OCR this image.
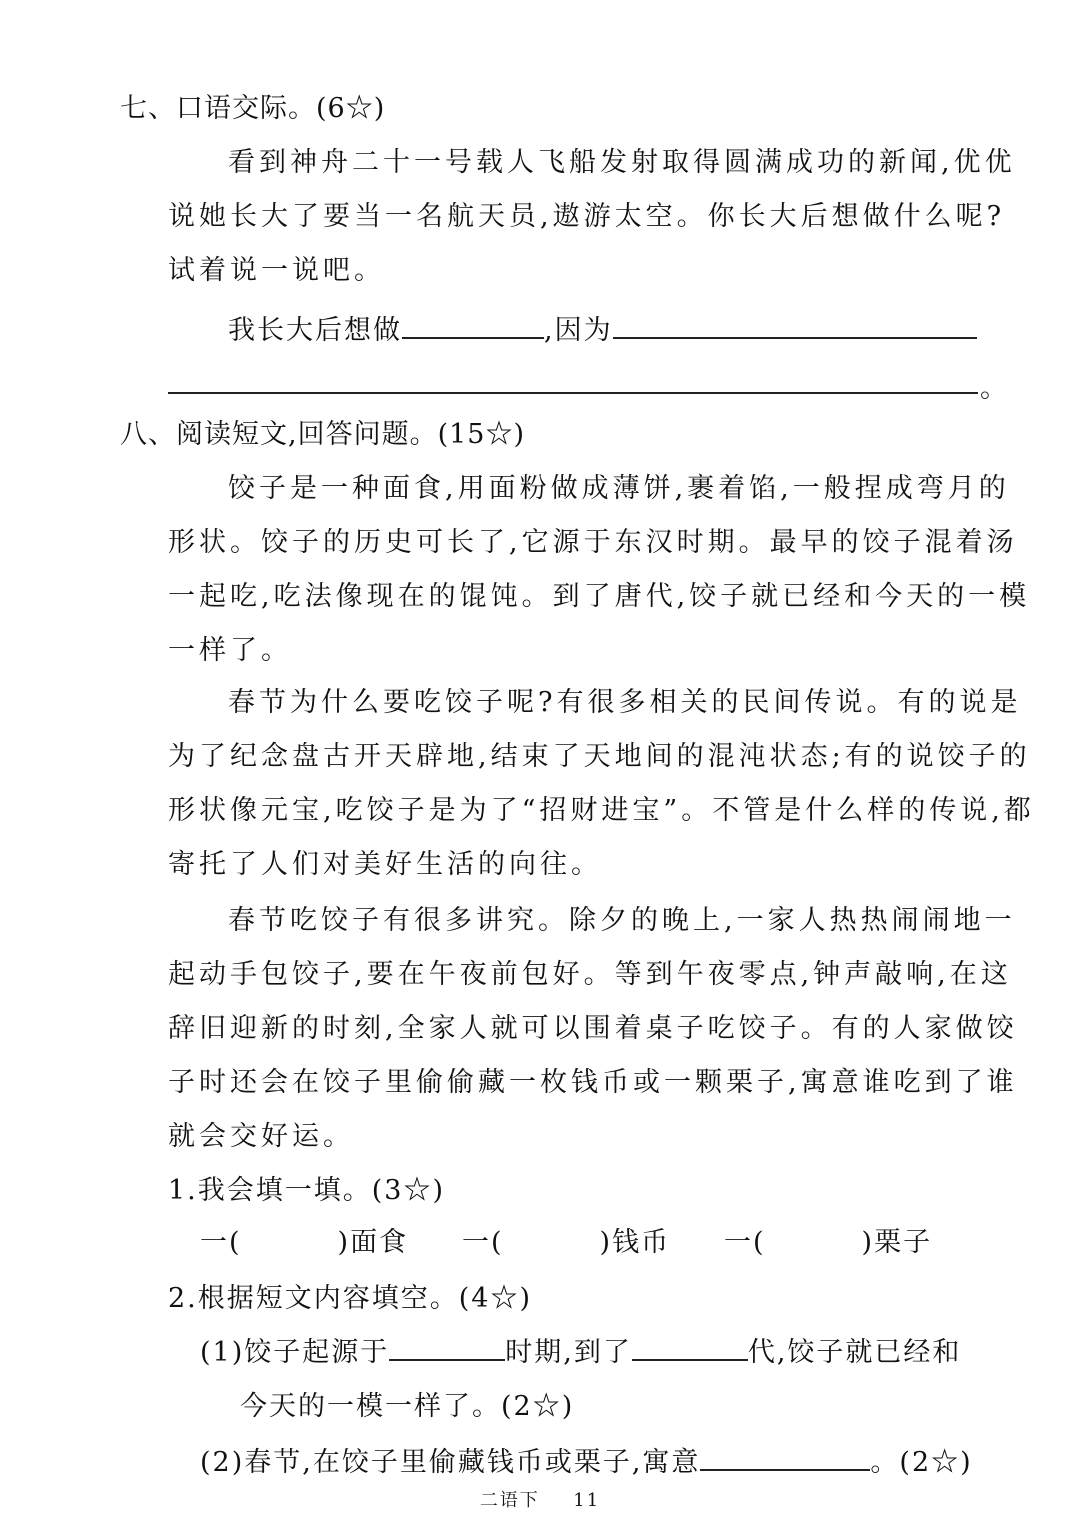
七、口语交际。(6☆)
看到神舟二十一号载人飞船发射取得圆满成功的新闻,优优
说她长大了要当一名航天员,遨游太空。你长大后想做什么呢?
试着说一说吧。
我长大后想做	,因为
。
八、阅读短文,回答问题。(15☆)
饺子是一种面食,用面粉做成薄饼,裹着馅,一般捏成弯月的
形状。饺子的历史可长了,它源于东汉时期。最早的饺子混着汤
一起吃,吃法像现在的馄饨。到了唐代,饺子就已经和今天的一模
一样了。
春节为什么要吃饺子呢?有很多相关的民间传说。有的说是
为了纪念盘古开天辟地,结束了天地间的混沌状态;有的说饺子的
形状像元宝,吃饺子是为了“招财进宝”。不管是什么样的传说,都
寄托了人们对美好生活的向往。
春节吃饺子有很多讲究。除夕的晚上,一家人热热闹闹地一
起动手包饺子,要在午夜前包好。等到午夜零点,钟声敲响,在这
辞旧迎新的时刻,全家人就可以围着桌子吃饺子。有的人家做饺
子时还会在饺子里偷偷藏一枚钱币或一颗栗子,寓意谁吃到了谁
就会交好运。
1.我会填一填。(3☆)
一(	)面食 一(	)钱币 一(	)栗子
2.根据短文内容填空。(4☆)
(1)饺子起源于	时期,到了	代,饺子就已经和
今天的一模一样了。(2☆)
(2)春节,在饺子里偷藏钱币或栗子,寓意	。(2☆)
二语下 11
